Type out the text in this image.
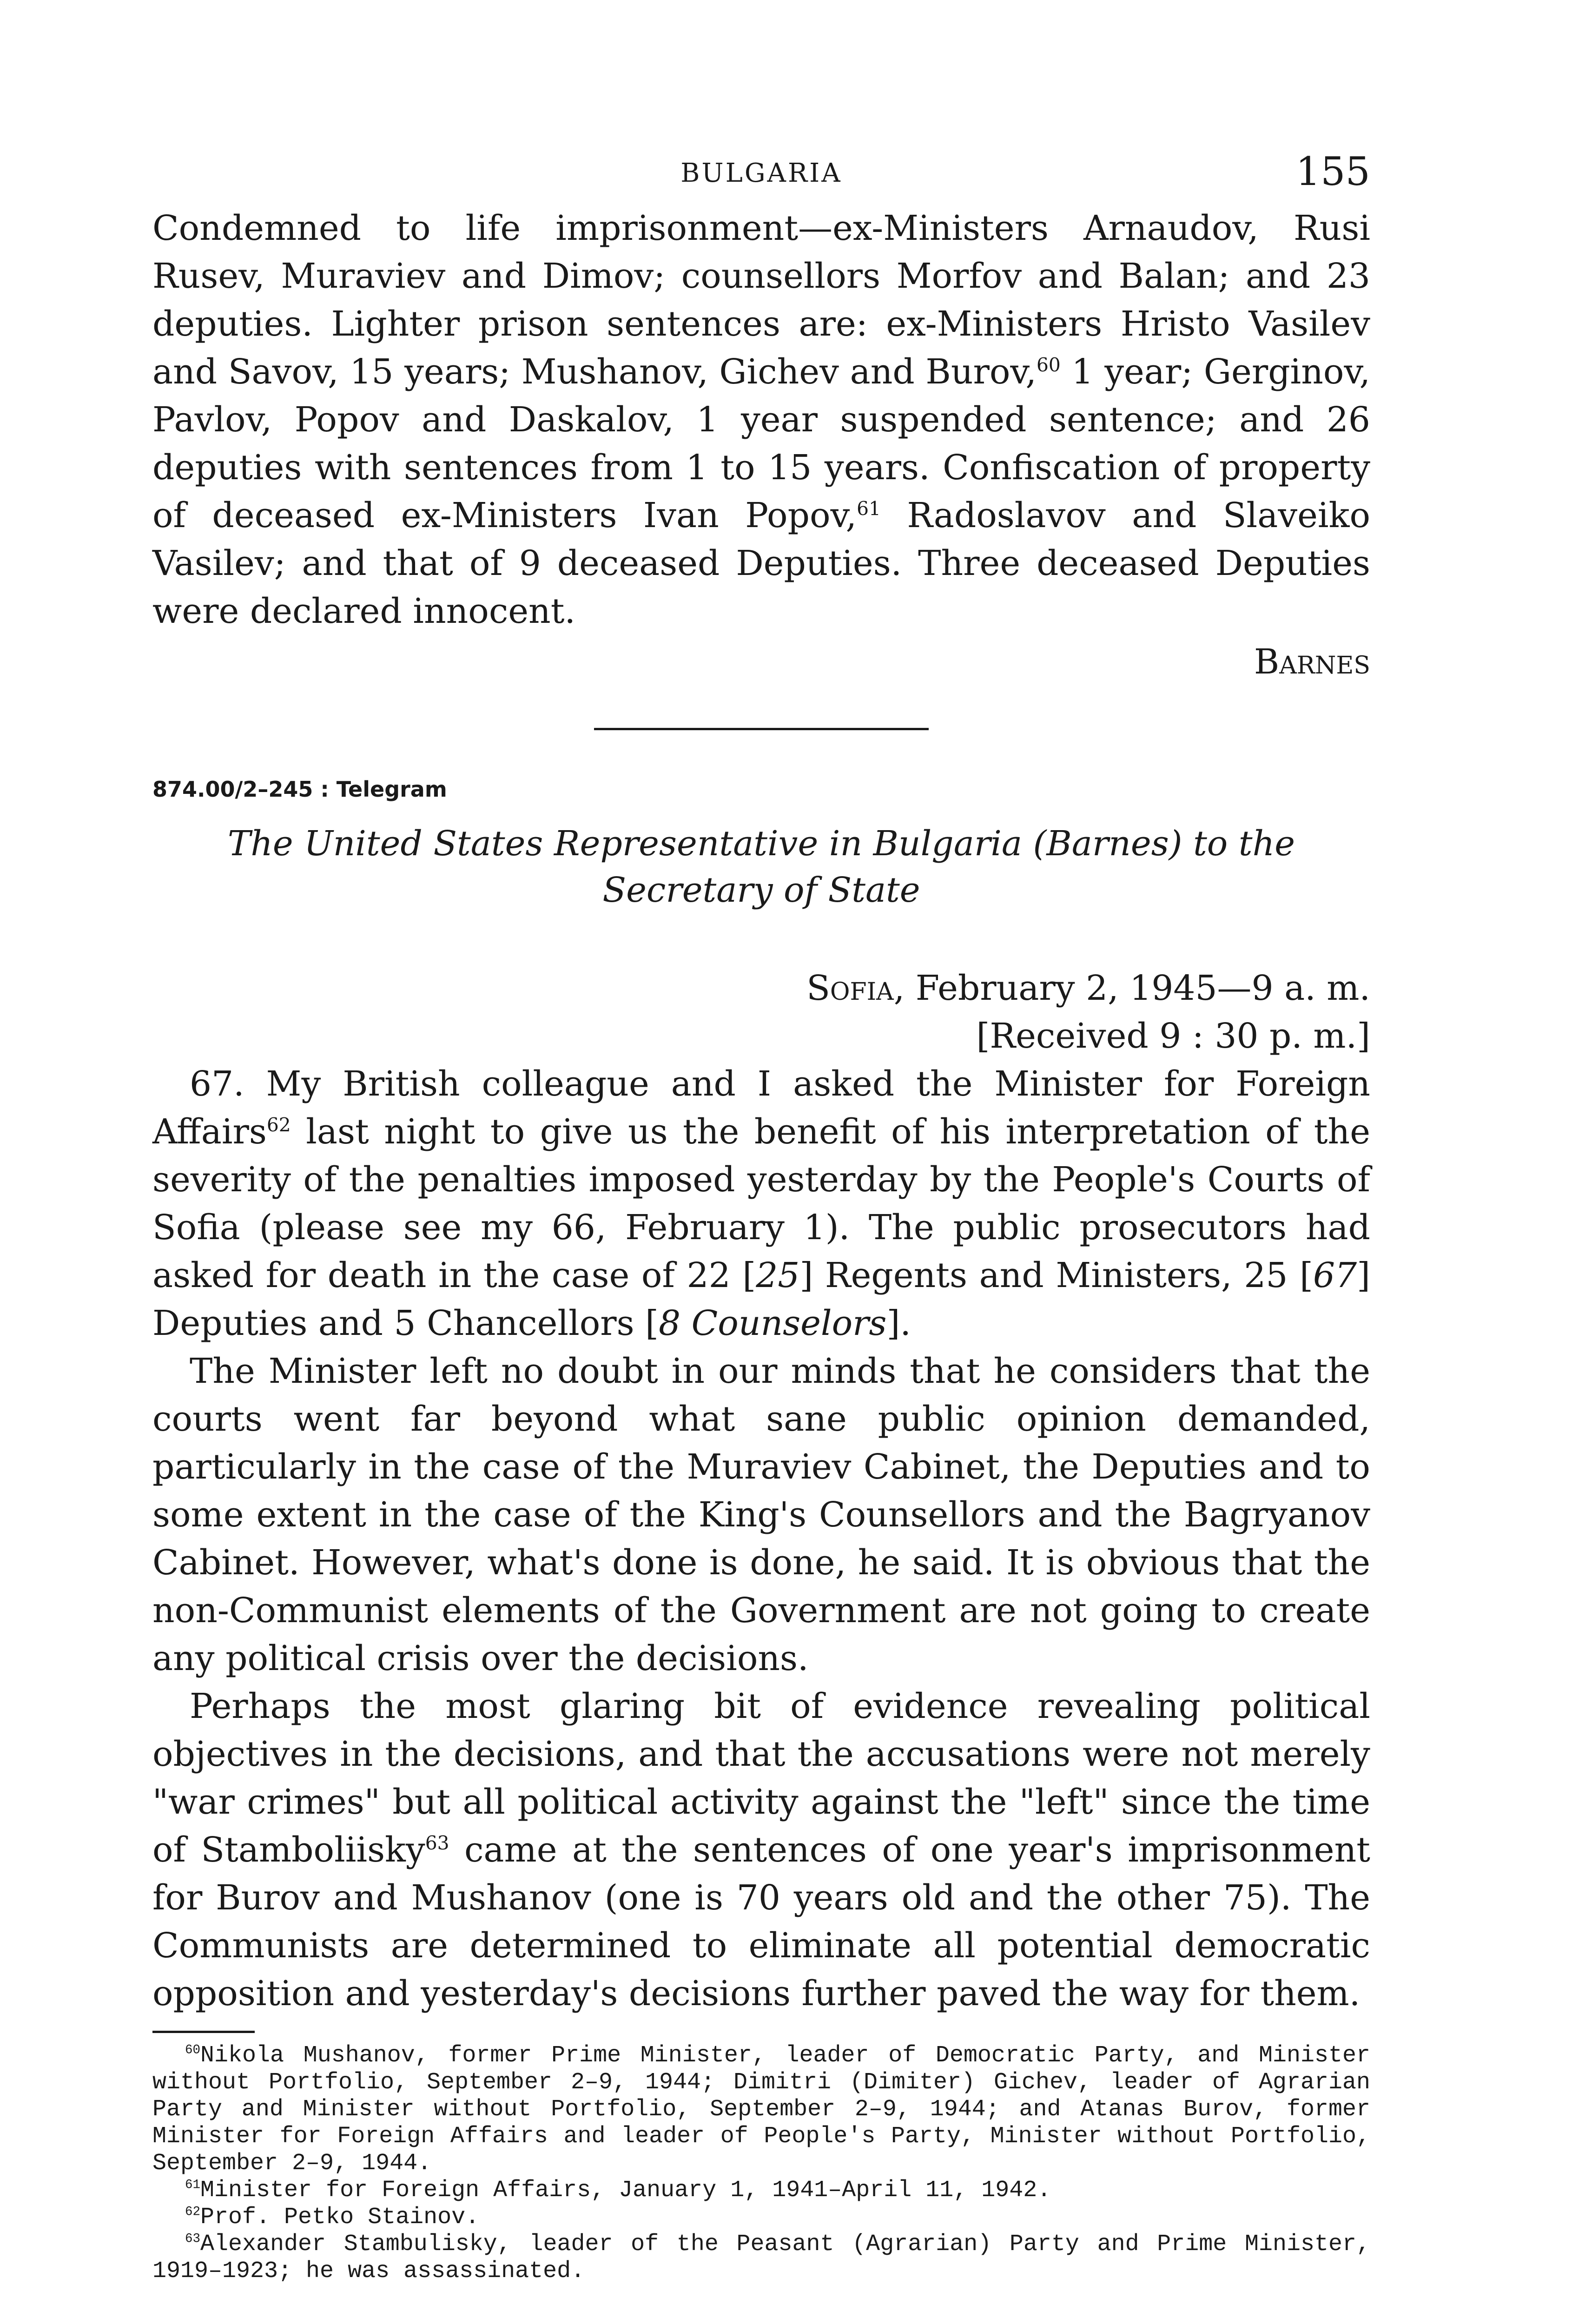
BULGARIA	155

Condemned to life imprisonment—ex-Ministers Arnaudov, Rusi Rusev, Muraviev and Dimov; counsellors Morfov and Balan; and 23 deputies. Lighter prison sentences are: ex-Ministers Hristo Vasilev and Savov, 15 years; Mushanov, Gichev and Burov,$^{60}$ 1 year; Gerginov, Pavlov, Popov and Daskalov, 1 year suspended sentence; and 26 deputies with sentences from 1 to 15 years. Confiscation of property of deceased ex-Ministers Ivan Popov,$^{61}$ Radoslavov and Slaveiko Vasilev; and that of 9 deceased Deputies. Three deceased Deputies were declared innocent.

Barnes
874.00/2–245 : Telegram
The United States Representative in Bulgaria (Barnes) to the
Secretary of State
Sofia, February 2, 1945—9 a. m.
[Received 9 : 30 p. m.]

67. My British colleague and I asked the Minister for Foreign Affairs$^{62}$ last night to give us the benefit of his interpretation of the severity of the penalties imposed yesterday by the People's Courts of Sofia (please see my 66, February 1). The public prosecutors had asked for death in the case of 22 [25] Regents and Ministers, 25 [67] Deputies and 5 Chancellors [8 Counselors].

The Minister left no doubt in our minds that he considers that the courts went far beyond what sane public opinion demanded, particularly in the case of the Muraviev Cabinet, the Deputies and to some extent in the case of the King's Counsellors and the Bagryanov Cabinet. However, what's done is done, he said. It is obvious that the non-Communist elements of the Government are not going to create any political crisis over the decisions.

Perhaps the most glaring bit of evidence revealing political objectives in the decisions, and that the accusations were not merely "war crimes" but all political activity against the "left" since the time of Stamboliisky$^{63}$ came at the sentences of one year's imprisonment for Burov and Mushanov (one is 70 years old and the other 75). The Communists are determined to eliminate all potential democratic opposition and yesterday's decisions further paved the way for them.

$^{60}$Nikola Mushanov, former Prime Minister, leader of Democratic Party, and Minister without Portfolio, September 2–9, 1944; Dimitri (Dimiter) Gichev, leader of Agrarian Party and Minister without Portfolio, September 2–9, 1944; and Atanas Burov, former Minister for Foreign Affairs and leader of People's Party, Minister without Portfolio, September 2–9, 1944.

$^{61}$Minister for Foreign Affairs, January 1, 1941–April 11, 1942.

$^{62}$Prof. Petko Stainov.

$^{63}$Alexander Stambulisky, leader of the Peasant (Agrarian) Party and Prime Minister, 1919–1923; he was assassinated.
